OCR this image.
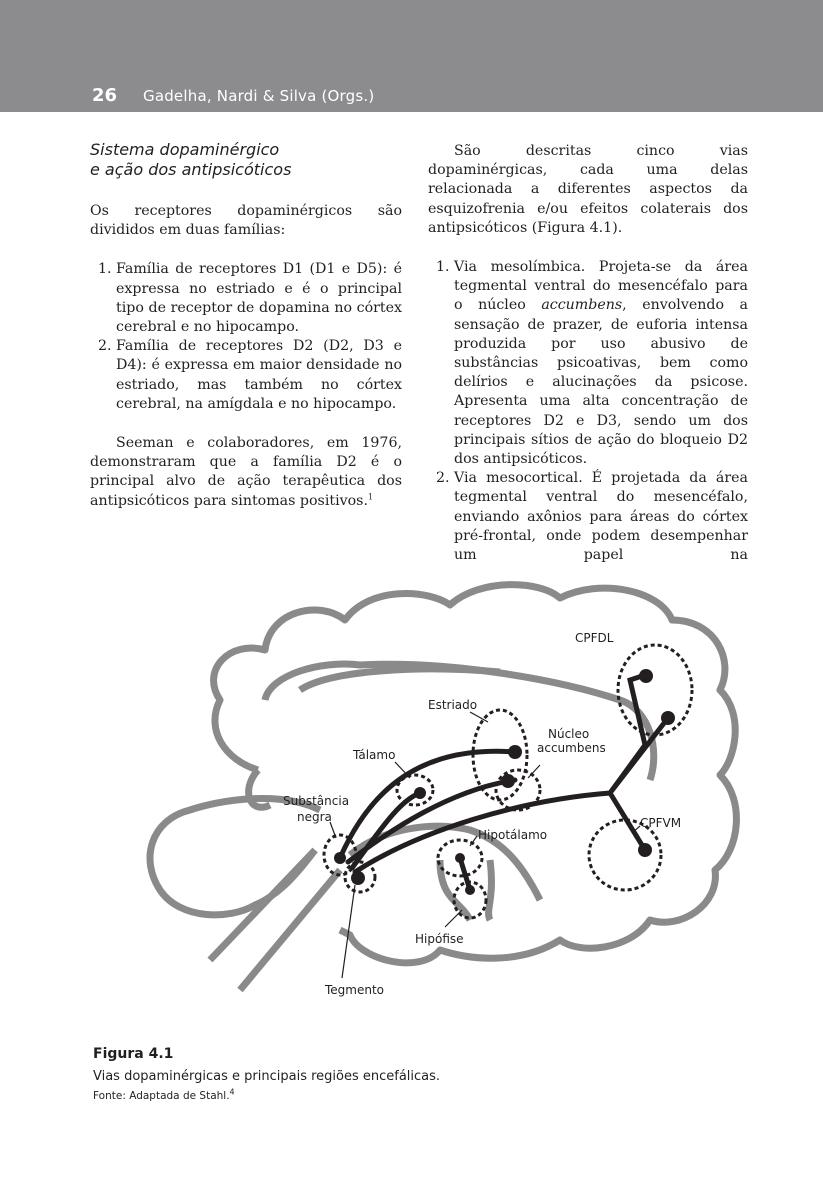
26 Gadelha, Nardi & Silva (Orgs.)
Sistema dopaminérgico
e ação dos antipsicóticos

Os receptores dopaminérgicos são divididos em duas famílias:

1. Família de receptores D1 (D1 e D5): é expressa no estriado e é o principal tipo de receptor de dopamina no córtex cerebral e no hipocampo.
2. Família de receptores D2 (D2, D3 e D4): é expressa em maior densidade no estriado, mas também no córtex cerebral, na amígdala e no hipocampo.

Seeman e colaboradores, em 1976, demonstraram que a família D2 é o principal alvo de ação terapêutica dos antipsicóticos para sintomas positivos.$^1$

São descritas cinco vias dopaminérgicas, cada uma delas relacionada a diferentes aspectos da esquizofrenia e/ou efeitos colaterais dos antipsicóticos (Figura 4.1).

1. Via mesolímbica. Projeta-se da área tegmental ventral do mesencéfalo para o núcleo accumbens, envolvendo a sensação de prazer, de euforia intensa produzida por uso abusivo de substâncias psicoativas, bem como delírios e alucinações da psicose. Apresenta uma alta concentração de receptores D2 e D3, sendo um dos principais sítios de ação do bloqueio D2 dos antipsicóticos.
2. Via mesocortical. É projetada da área tegmental ventral do mesencéfalo, enviando axônios para áreas do córtex pré-frontal, onde podem desempenhar um papel na
CPFDL
Estriado
Núcleo
accumbens
Tálamo
Substância
negra	CPFVM
Hipotálamo
Hipófise
Tegmento
Figura 4.1
Vias dopaminérgicas e principais regiões encefálicas.
Fonte: Adaptada de Stahl.$^4$
